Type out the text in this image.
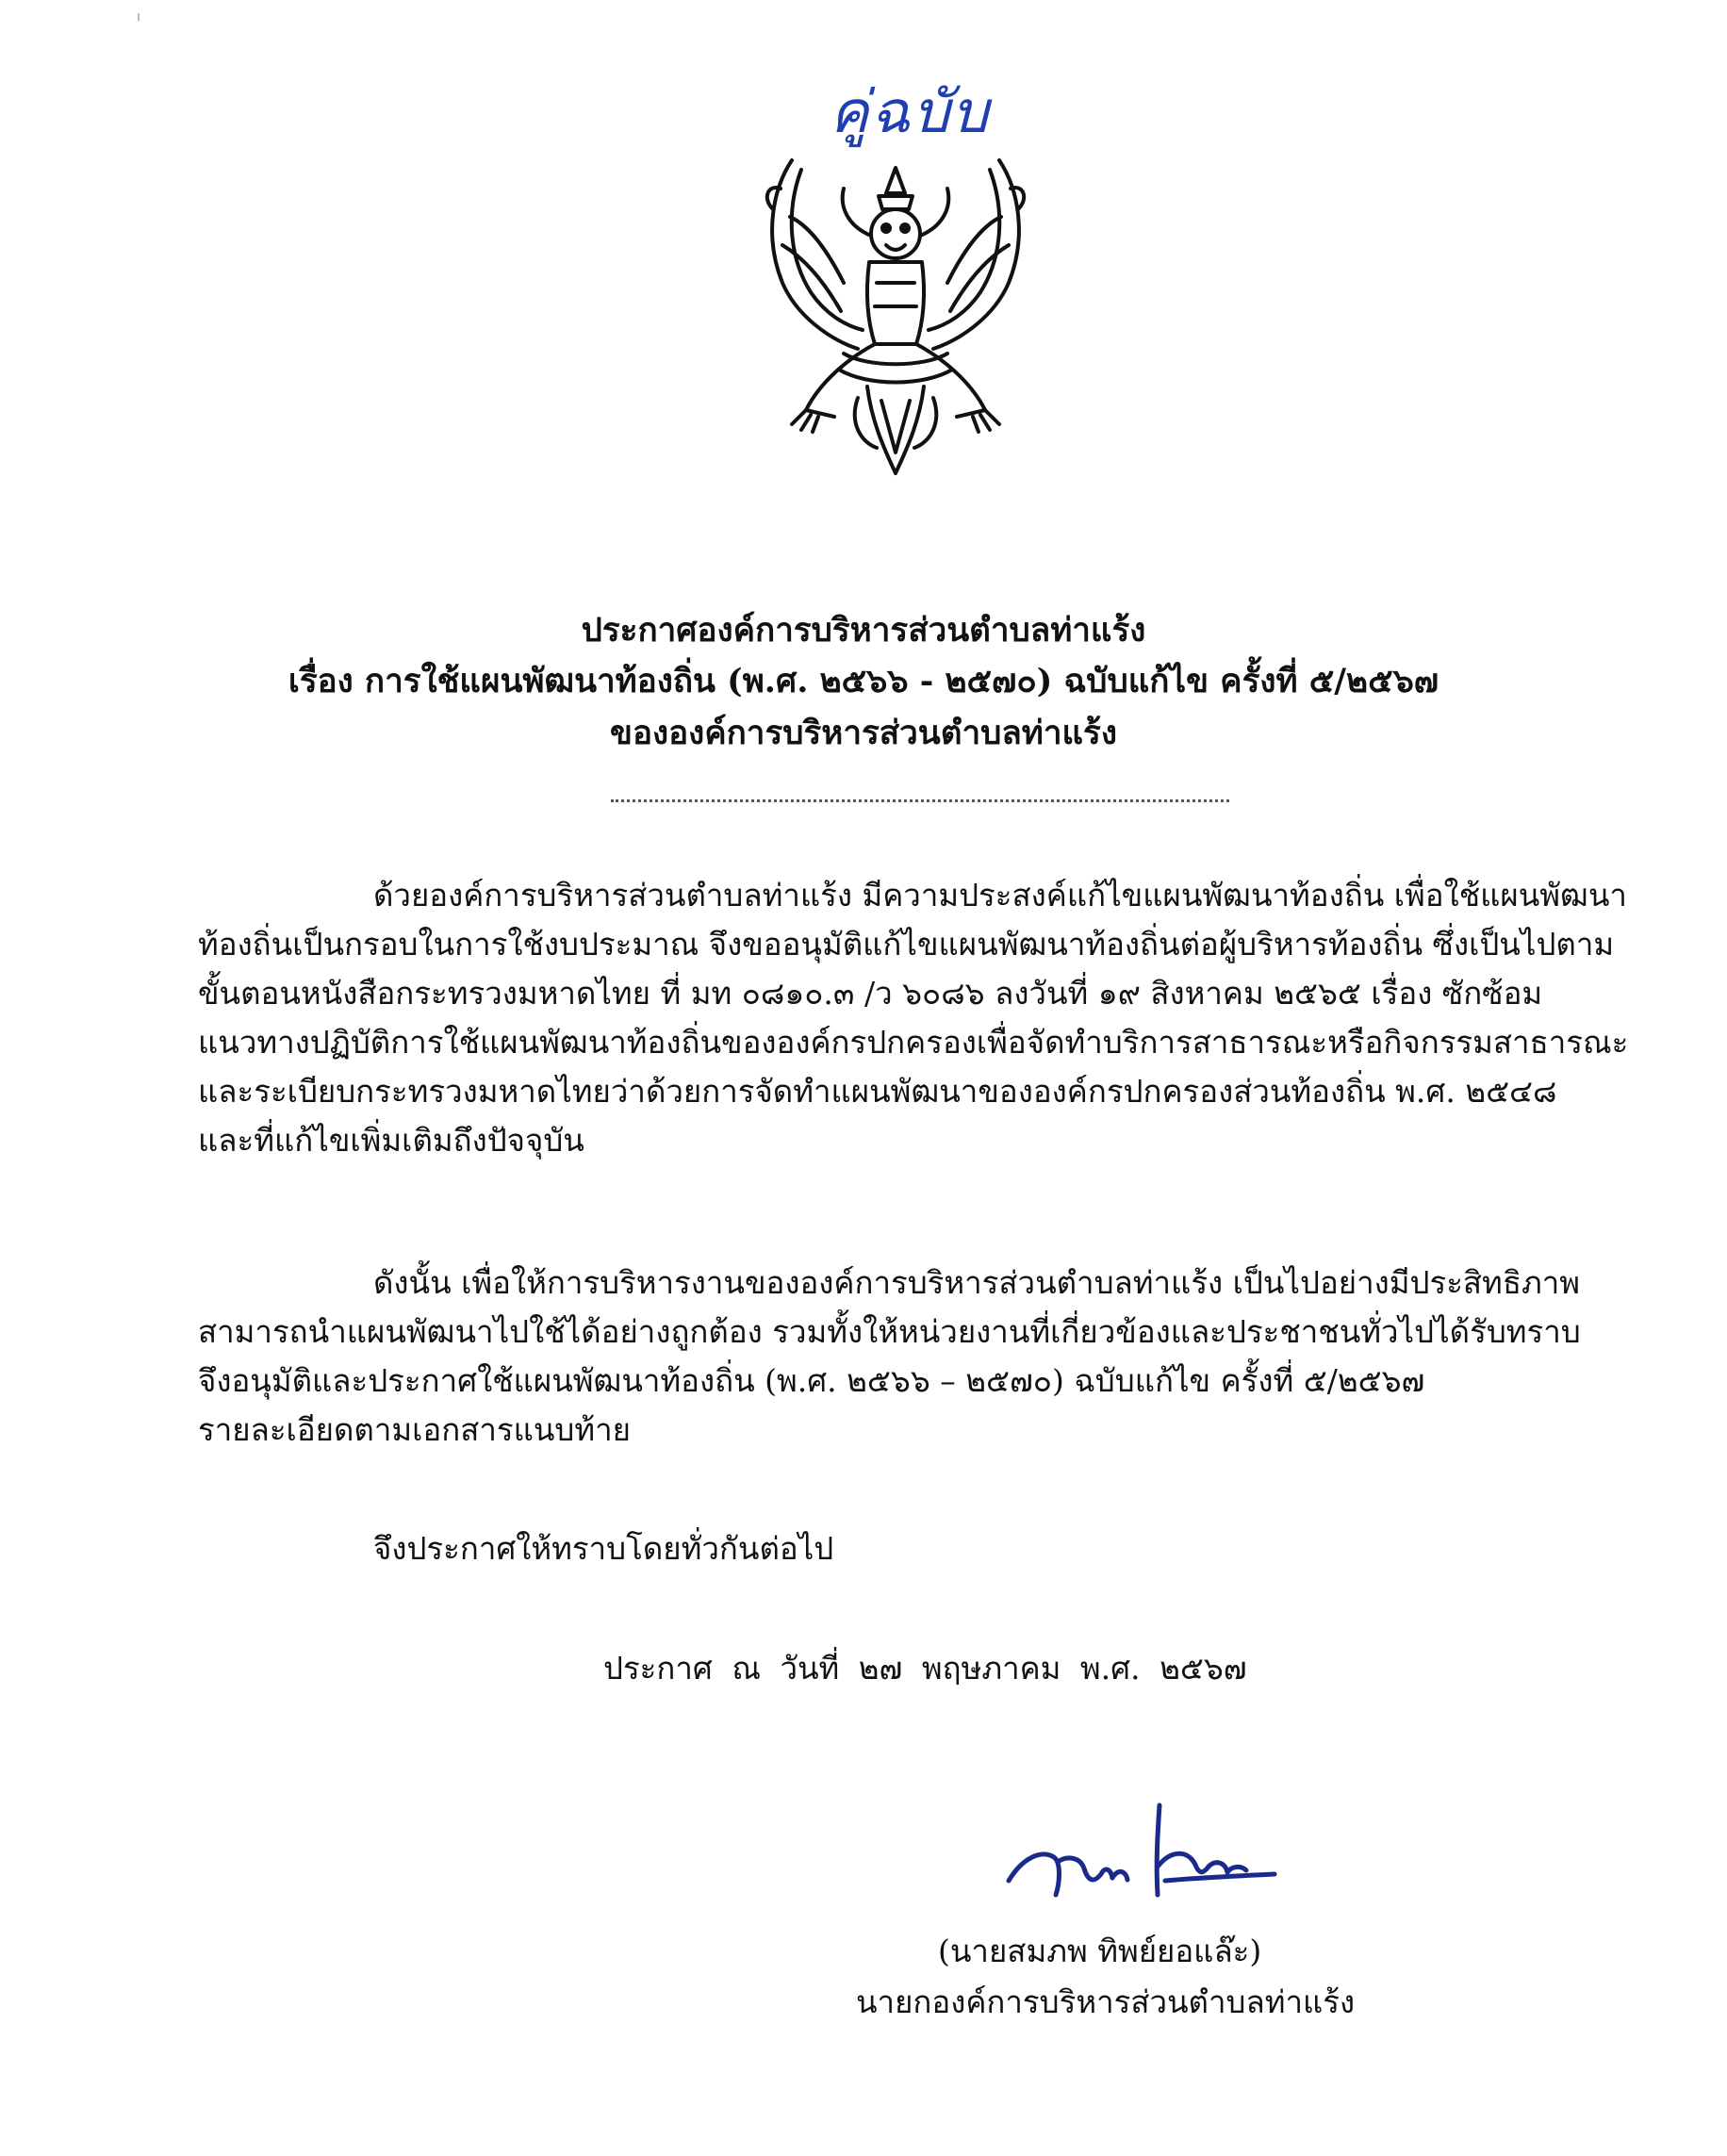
คู่ฉบับ
ประกาศองค์การบริหารส่วนตำบลท่าแร้ง
เรื่อง การใช้แผนพัฒนาท้องถิ่น (พ.ศ. ๒๕๖๖ - ๒๕๗๐) ฉบับแก้ไข ครั้งที่ ๕/๒๕๖๗
ขององค์การบริหารส่วนตำบลท่าแร้ง
ด้วยองค์การบริหารส่วนตำบลท่าแร้ง มีความประสงค์แก้ไขแผนพัฒนาท้องถิ่น เพื่อใช้แผนพัฒนา
ท้องถิ่นเป็นกรอบในการใช้งบประมาณ จึงขออนุมัติแก้ไขแผนพัฒนาท้องถิ่นต่อผู้บริหารท้องถิ่น ซึ่งเป็นไปตาม
ขั้นตอนหนังสือกระทรวงมหาดไทย ที่ มท ๐๘๑๐.๓ /ว ๖๐๘๖ ลงวันที่ ๑๙ สิงหาคม ๒๕๖๕ เรื่อง ซักซ้อม
แนวทางปฏิบัติการใช้แผนพัฒนาท้องถิ่นขององค์กรปกครองเพื่อจัดทำบริการสาธารณะหรือกิจกรรมสาธารณะ
และระเบียบกระทรวงมหาดไทยว่าด้วยการจัดทำแผนพัฒนาขององค์กรปกครองส่วนท้องถิ่น พ.ศ. ๒๕๔๘
และที่แก้ไขเพิ่มเติมถึงปัจจุบัน
ดังนั้น เพื่อให้การบริหารงานขององค์การบริหารส่วนตำบลท่าแร้ง เป็นไปอย่างมีประสิทธิภาพ
สามารถนำแผนพัฒนาไปใช้ได้อย่างถูกต้อง รวมทั้งให้หน่วยงานที่เกี่ยวข้องและประชาชนทั่วไปได้รับทราบ
จึงอนุมัติและประกาศใช้แผนพัฒนาท้องถิ่น (พ.ศ. ๒๕๖๖ – ๒๕๗๐) ฉบับแก้ไข ครั้งที่ ๕/๒๕๖๗
รายละเอียดตามเอกสารแนบท้าย
จึงประกาศให้ทราบโดยทั่วกันต่อไป
ประกาศ ณ วันที่ ๒๗ พฤษภาคม พ.ศ. ๒๕๖๗
(นายสมภพ ทิพย์ยอแล๊ะ)
นายกองค์การบริหารส่วนตำบลท่าแร้ง
